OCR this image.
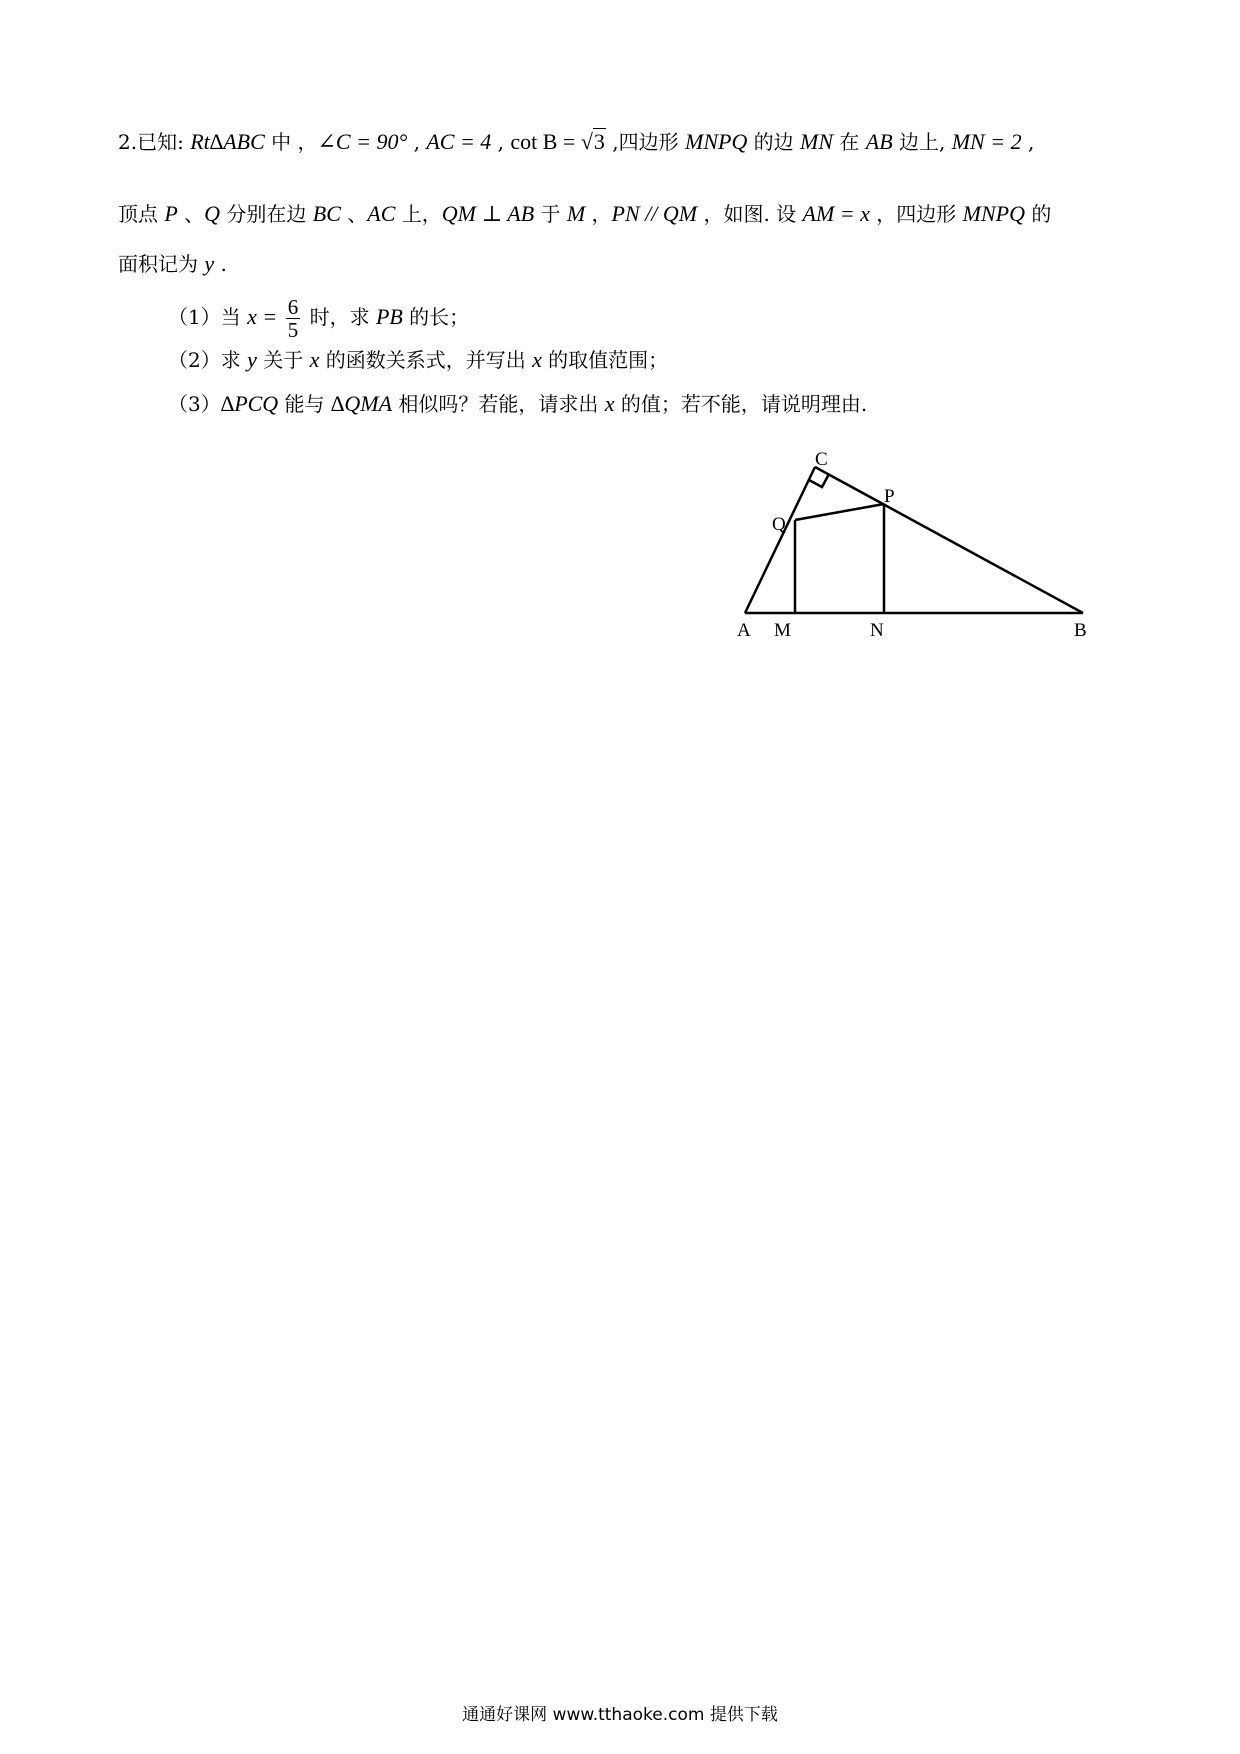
2.已知: Rt∆ABC 中 ，∠C = 90° , AC = 4 , cot B = √3 ,四边形 MNPQ 的边 MN 在 AB 边上, MN = 2 ,
顶点 P 、Q 分别在边 BC 、AC 上，QM ⊥ AB 于 M ，PN // QM ，如图. 设 AM = x ，四边形 MNPQ 的
面积记为 y .
（1）当 $x = \frac{6}{5}$ 时，求 PB 的长；
（2）求 y 关于 x 的函数关系式，并写出 x 的取值范围；
（3）∆PCQ 能与 ∆QMA 相似吗？若能，请求出 x 的值；若不能，请说明理由.
C
P
Q
A M	N	B
通通好课网 www.tthaoke.com 提供下载
